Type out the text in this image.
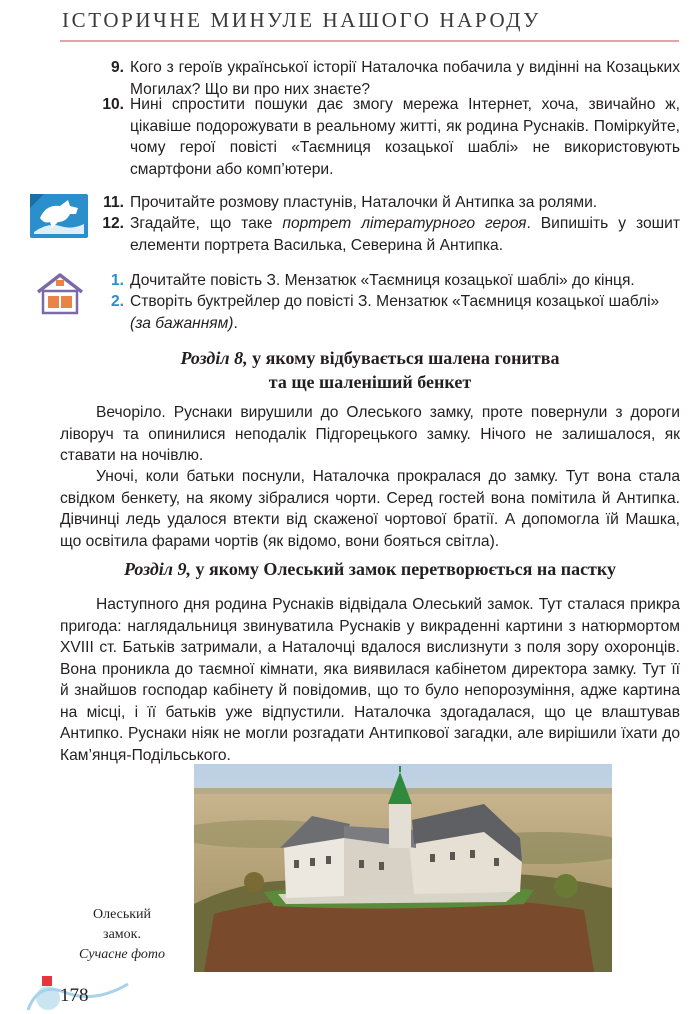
ІСТОРИЧНЕ МИНУЛЕ НАШОГО НАРОДУ
9. Кого з героїв української історії Наталочка побачила у видінні на Козацьких Могилах? Що ви про них знаєте?
10. Нині спростити пошуки дає змогу мережа Інтернет, хоча, звичайно ж, цікавіше подорожувати в реальному житті, як родина Руснаків. Поміркуйте, чому герої повісті «Таємниця козацької шаблі» не використовують смартфони або комп’ютери.
11. Прочитайте розмову пластунів, Наталочки й Антипка за ролями.
12. Згадайте, що таке портрет літературного героя. Випишіть у зошит елементи портрета Василька, Северина й Антипка.
1. Дочитайте повість З. Мензатюк «Таємниця козацької шаблі» до кінця.
2. Створіть буктрейлер до повісті З. Мензатюк «Таємниця козацької шаблі» (за бажанням).
Розділ 8, у якому відбувається шалена гонитва
та ще шаленіший бенкет
Вечоріло. Руснаки вирушили до Олеського замку, проте повернули з дороги ліворуч та опинилися неподалік Підгорецького замку. Нічого не залишалося, як ставати на ночівлю.
Уночі, коли батьки поснули, Наталочка прокралася до замку. Тут вона стала свідком бенкету, на якому зібралися чорти. Серед гостей вона помітила й Антипка. Дівчинці ледь удалося втекти від скаженої чортової братії. А допомогла їй Машка, що освітила фарами чортів (як відомо, вони бояться світла).
Розділ 9, у якому Олеський замок перетворюється на пастку
Наступного дня родина Руснаків відвідала Олеський замок. Тут сталася прикра пригода: наглядальниця звинуватила Руснаків у викраденні картини з натюрмортом XVIII ст. Батьків затримали, а Наталочці вдалося вислизнути з поля зору охоронців. Вона проникла до таємної кімнати, яка виявилася кабінетом директора замку. Тут її й знайшов господар кабінету й повідомив, що то було непорозуміння, адже картина на місці, і її батьків уже відпустили. Наталочка здогадалася, що це влаштував Антипко. Руснаки ніяк не могли розгадати Антипкової загадки, але вирішили їхати до Кам’янця-Подільського.
Олеський
замок.
Сучасне фото
178
